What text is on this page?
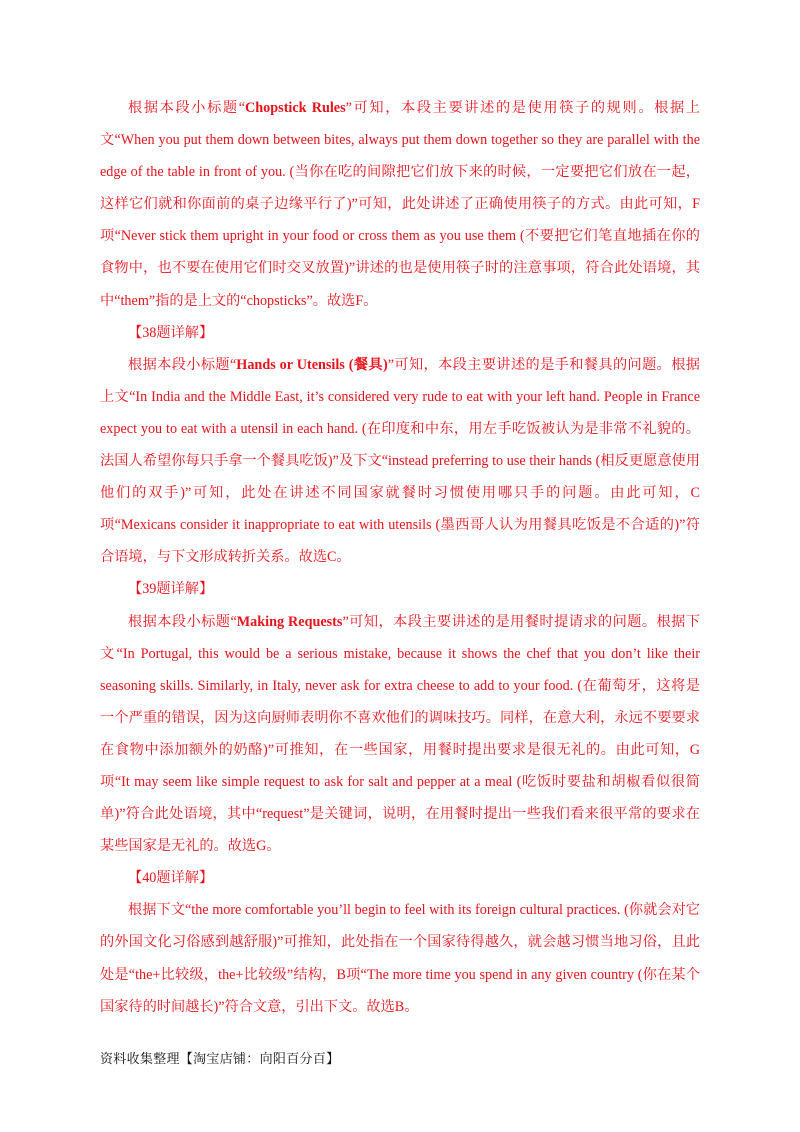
根据本段小标题“Chopstick Rules”可知，本段主要讲述的是使用筷子的规则。根据上文“When you put them down between bites, always put them down together so they are parallel with the edge of the table in front of you. (当你在吃的间隙把它们放下来的时候，一定要把它们放在一起，这样它们就和你面前的桌子边缘平行了)”可知，此处讲述了正确使用筷子的方式。由此可知，F项“Never stick them upright in your food or cross them as you use them (不要把它们笔直地插在你的食物中，也不要在使用它们时交叉放置)”讲述的也是使用筷子时的注意事项，符合此处语境，其中“them”指的是上文的“chopsticks”。故选F。

【38题详解】

根据本段小标题“Hands or Utensils (餐具)”可知，本段主要讲述的是手和餐具的问题。根据上文“In India and the Middle East, it’s considered very rude to eat with your left hand. People in France expect you to eat with a utensil in each hand. (在印度和中东，用左手吃饭被认为是非常不礼貌的。法国人希望你每只手拿一个餐具吃饭)”及下文“instead preferring to use their hands (相反更愿意使用他们的双手)”可知，此处在讲述不同国家就餐时习惯使用哪只手的问题。由此可知，C项“Mexicans consider it inappropriate to eat with utensils (墨西哥人认为用餐具吃饭是不合适的)”符合语境，与下文形成转折关系。故选C。

【39题详解】

根据本段小标题“Making Requests”可知，本段主要讲述的是用餐时提请求的问题。根据下文“In Portugal, this would be a serious mistake, because it shows the chef that you don’t like their seasoning skills. Similarly, in Italy, never ask for extra cheese to add to your food. (在葡萄牙，这将是一个严重的错误，因为这向厨师表明你不喜欢他们的调味技巧。同样，在意大利，永远不要要求在食物中添加额外的奶酪)”可推知，在一些国家，用餐时提出要求是很无礼的。由此可知，G项“It may seem like simple request to ask for salt and pepper at a meal (吃饭时要盐和胡椒看似很简单)”符合此处语境，其中“request”是关键词，说明，在用餐时提出一些我们看来很平常的要求在某些国家是无礼的。故选G。

【40题详解】

根据下文“the more comfortable you’ll begin to feel with its foreign cultural practices. (你就会对它的外国文化习俗感到越舒服)”可推知，此处指在一个国家待得越久，就会越习惯当地习俗，且此处是“the+比较级，the+比较级”结构，B项“The more time you spend in any given country (你在某个国家待的时间越长)”符合文意，引出下文。故选B。

资料收集整理【淘宝店铺：向阳百分百】
